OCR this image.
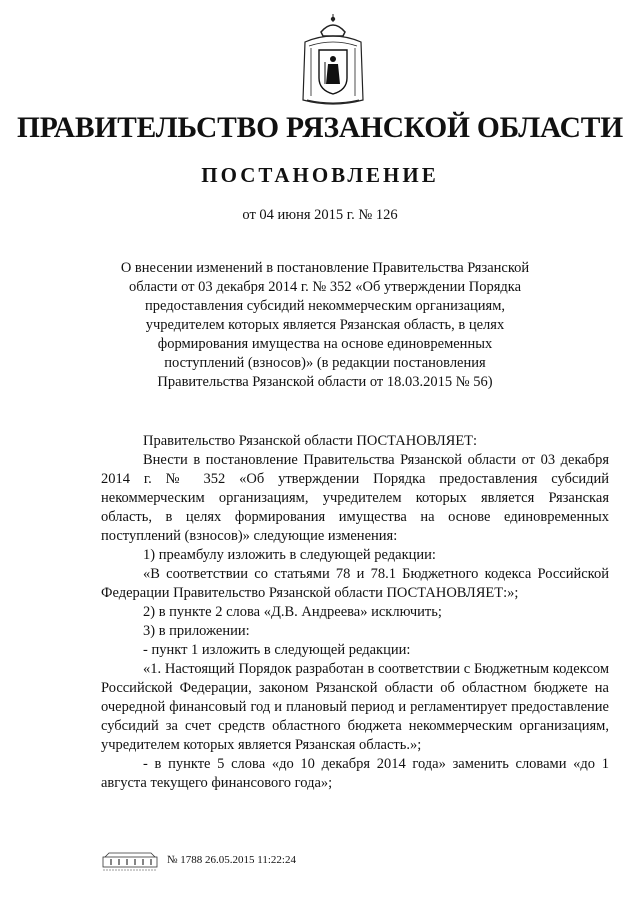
ПРАВИТЕЛЬСТВО РЯЗАНСКОЙ ОБЛАСТИ
ПОСТАНОВЛЕНИЕ
от 04 июня 2015 г. № 126
О внесении изменений в постановление Правительства Рязанской
области от 03 декабря 2014 г. № 352 «Об утверждении Порядка
предоставления субсидий некоммерческим организациям,
учредителем которых является Рязанская область, в целях
формирования имущества на основе единовременных
поступлений (взносов)» (в редакции постановления
Правительства Рязанской области от 18.03.2015 № 56)

Правительство Рязанской области ПОСТАНОВЛЯЕТ:

Внести в постановление Правительства Рязанской области от 03 декабря 2014 г. № 352 «Об утверждении Порядка предоставления субсидий некоммерческим организациям, учредителем которых является Рязанская область, в целях формирования имущества на основе единовременных поступлений (взносов)» следующие изменения:

1) преамбулу изложить в следующей редакции:

«В соответствии со статьями 78 и 78.1 Бюджетного кодекса Российской Федерации Правительство Рязанской области ПОСТАНОВЛЯЕТ:»;

2) в пункте 2 слова «Д.В. Андреева» исключить;

3) в приложении:

- пункт 1 изложить в следующей редакции:

«1. Настоящий Порядок разработан в соответствии с Бюджетным кодексом Российской Федерации, законом Рязанской области об областном бюджете на очередной финансовый год и плановый период и регламентирует предоставление субсидий за счет средств областного бюджета некоммерческим организациям, учредителем которых является Рязанская область.»;

- в пункте 5 слова «до 10 декабря 2014 года» заменить словами «до 1 августа текущего финансового года»;

№ 1788 26.05.2015 11:22:24
